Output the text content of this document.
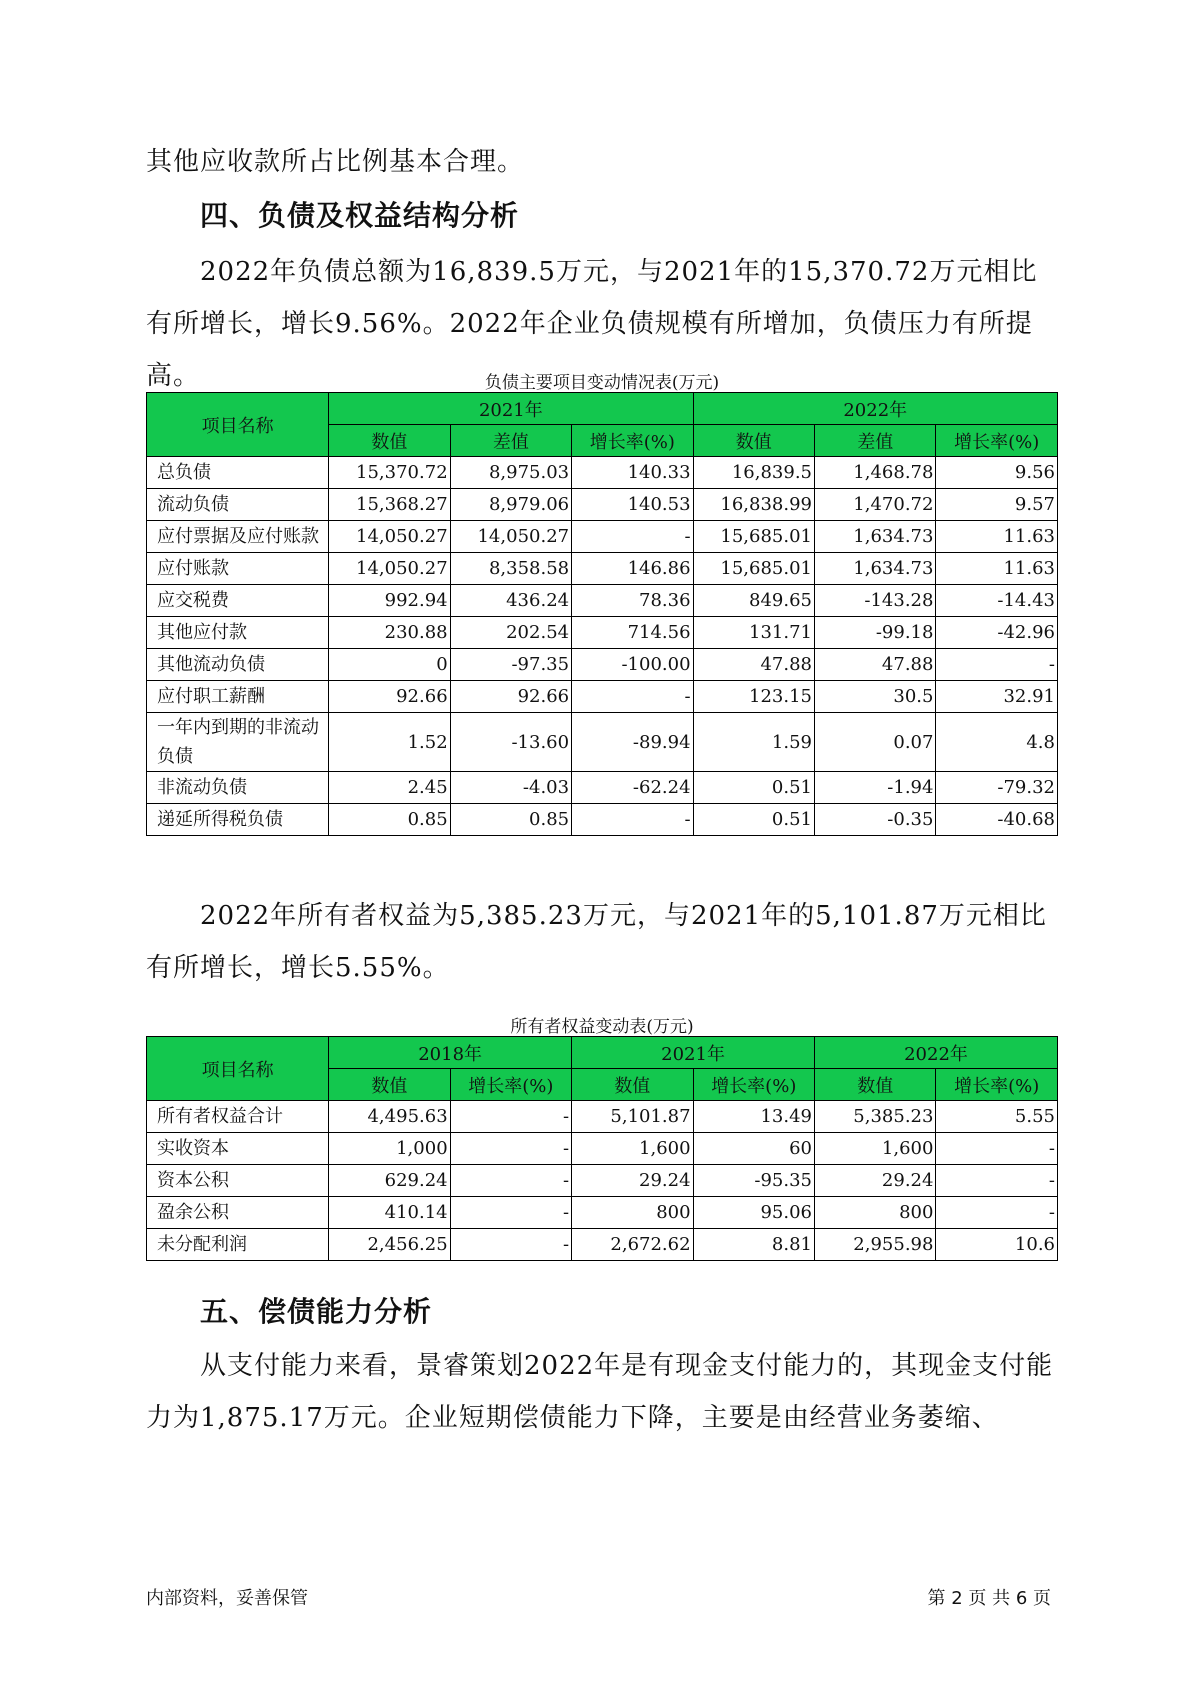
其他应收款所占比例基本合理。

四、负债及权益结构分析

2022年负债总额为16,839.5万元，与2021年的15,370.72万元相比有所增长，增长9.56%。2022年企业负债规模有所增加，负债压力有所提高。	负债主要项目变动情况表(万元)

项目名称	2021年			2022年		
	数值	差值	增长率(%)	数值	差值	增长率(%)
总负债	15,370.72	8,975.03	140.33	16,839.5	1,468.78	9.56
流动负债	15,368.27	8,979.06	140.53	16,838.99	1,470.72	9.57
应付票据及应付账款	14,050.27	14,050.27	-	15,685.01	1,634.73	11.63
应付账款	14,050.27	8,358.58	146.86	15,685.01	1,634.73	11.63
应交税费	992.94	436.24	78.36	849.65	-143.28	-14.43
其他应付款	230.88	202.54	714.56	131.71	-99.18	-42.96
其他流动负债	0	-97.35	-100.00	47.88	47.88	-
应付职工薪酬	92.66	92.66	-	123.15	30.5	32.91
一年内到期的非流动负债	1.52	-13.60	-89.94	1.59	0.07	4.8
非流动负债	2.45	-4.03	-62.24	0.51	-1.94	-79.32
递延所得税负债	0.85	0.85	-	0.51	-0.35	-40.68

2022年所有者权益为5,385.23万元，与2021年的5,101.87万元相比有所增长，增长5.55%。

所有者权益变动表(万元)

项目名称	2018年		2021年		2022年	
	数值	增长率(%)	数值	增长率(%)	数值	增长率(%)
所有者权益合计	4,495.63	-	5,101.87	13.49	5,385.23	5.55
实收资本	1,000	-	1,600	60	1,600	-
资本公积	629.24	-	29.24	-95.35	29.24	-
盈余公积	410.14	-	800	95.06	800	-
未分配利润	2,456.25	-	2,672.62	8.81	2,955.98	10.6
五、偿债能力分析

从支付能力来看，景睿策划2022年是有现金支付能力的，其现金支付能力为1,875.17万元。企业短期偿债能力下降，主要是由经营业务萎缩、

内部资料，妥善保管	第 2 页 共 6 页
